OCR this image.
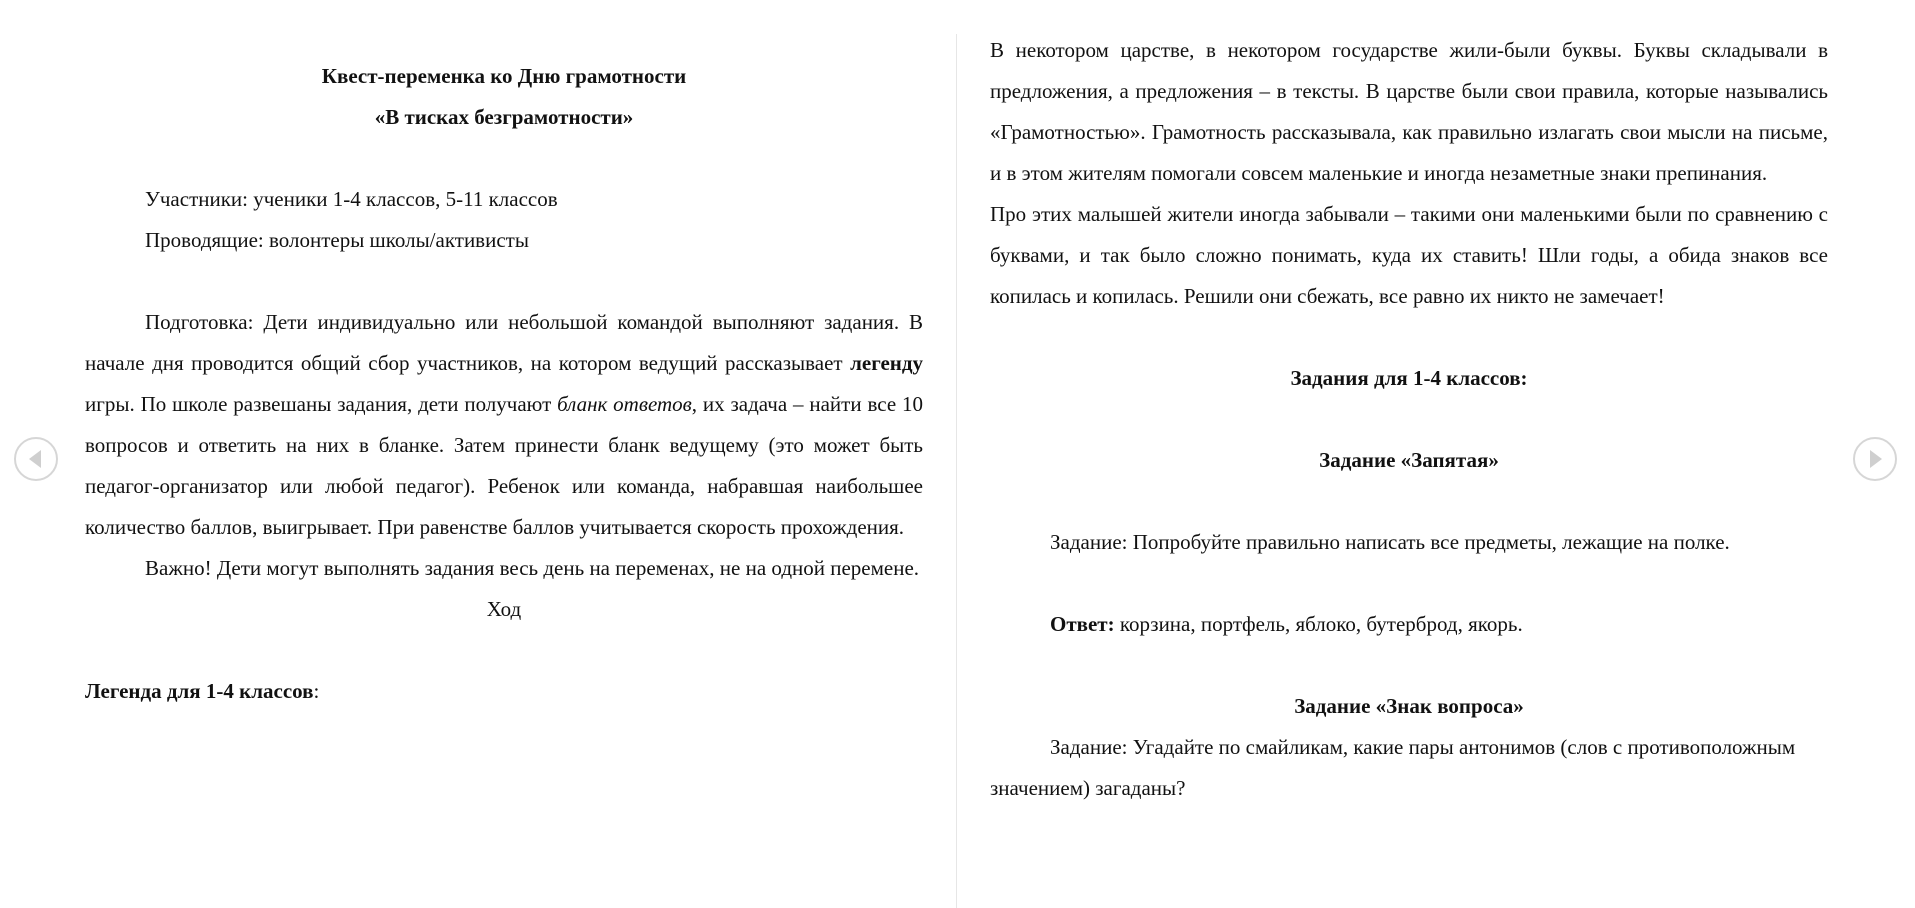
Квест-переменка ко Дню грамотности

«В тисках безграмотности»

Участники: ученики 1-4 классов, 5-11 классов

Проводящие: волонтеры школы/активисты

Подготовка: Дети индивидуально или небольшой командой выполняют задания. В начале дня проводится общий сбор участников, на котором ведущий рассказывает легенду игры. По школе развешаны задания, дети получают бланк ответов, их задача – найти все 10 вопросов и ответить на них в бланке. Затем принести бланк ведущему (это может быть педагог-организатор или любой педагог). Ребенок или команда, набравшая наибольшее количество баллов, выигрывает. При равенстве баллов учитывается скорость прохождения.

Важно! Дети могут выполнять задания весь день на переменах, не на одной перемене.

Ход

Легенда для 1-4 классов:

В некотором царстве, в некотором государстве жили-были буквы. Буквы складывали в предложения, а предложения – в тексты. В царстве были свои правила, которые назывались «Грамотностью». Грамотность рассказывала, как правильно излагать свои мысли на письме, и в этом жителям помогали совсем маленькие и иногда незаметные знаки препинания.

Про этих малышей жители иногда забывали – такими они маленькими были по сравнению с буквами, и так было сложно понимать, куда их ставить! Шли годы, а обида знаков все копилась и копилась. Решили они сбежать, все равно их никто не замечает!

Задания для 1-4 классов:

Задание «Запятая»

Задание: Попробуйте правильно написать все предметы, лежащие на полке.

Ответ: корзина, портфель, яблоко, бутерброд, якорь.

Задание «Знак вопроса»

Задание: Угадайте по смайликам, какие пары антонимов (слов с противоположным значением) загаданы?
